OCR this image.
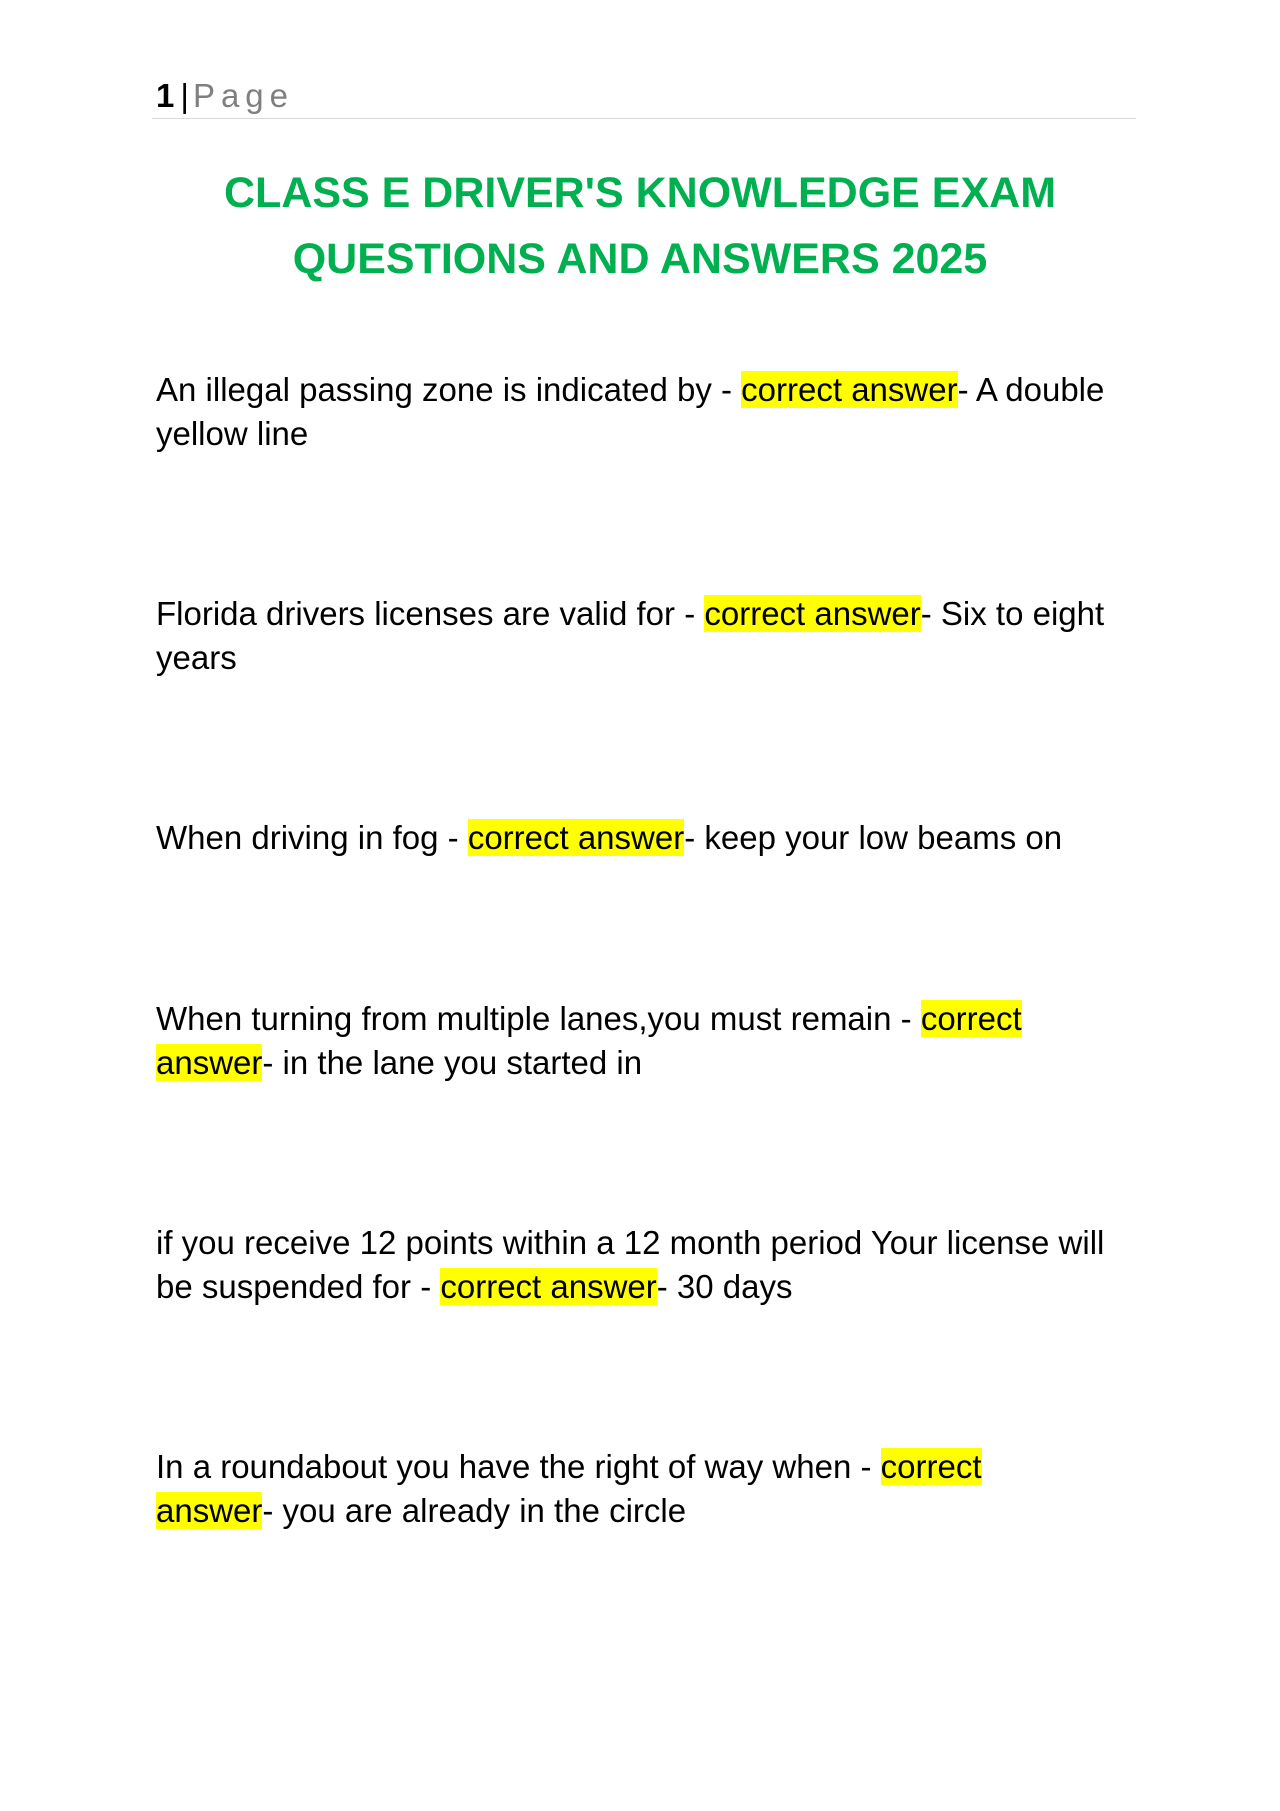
1 | Page
CLASS E DRIVER'S KNOWLEDGE EXAM
QUESTIONS AND ANSWERS 2025

An illegal passing zone is indicated by - correct answer- A double yellow line

Florida drivers licenses are valid for - correct answer- Six to eight years

When driving in fog - correct answer- keep your low beams on

When turning from multiple lanes,you must remain - correct
answer- in the lane you started in

if you receive 12 points within a 12 month period Your license will be suspended for - correct answer- 30 days

In a roundabout you have the right of way when - correct
answer- you are already in the circle
